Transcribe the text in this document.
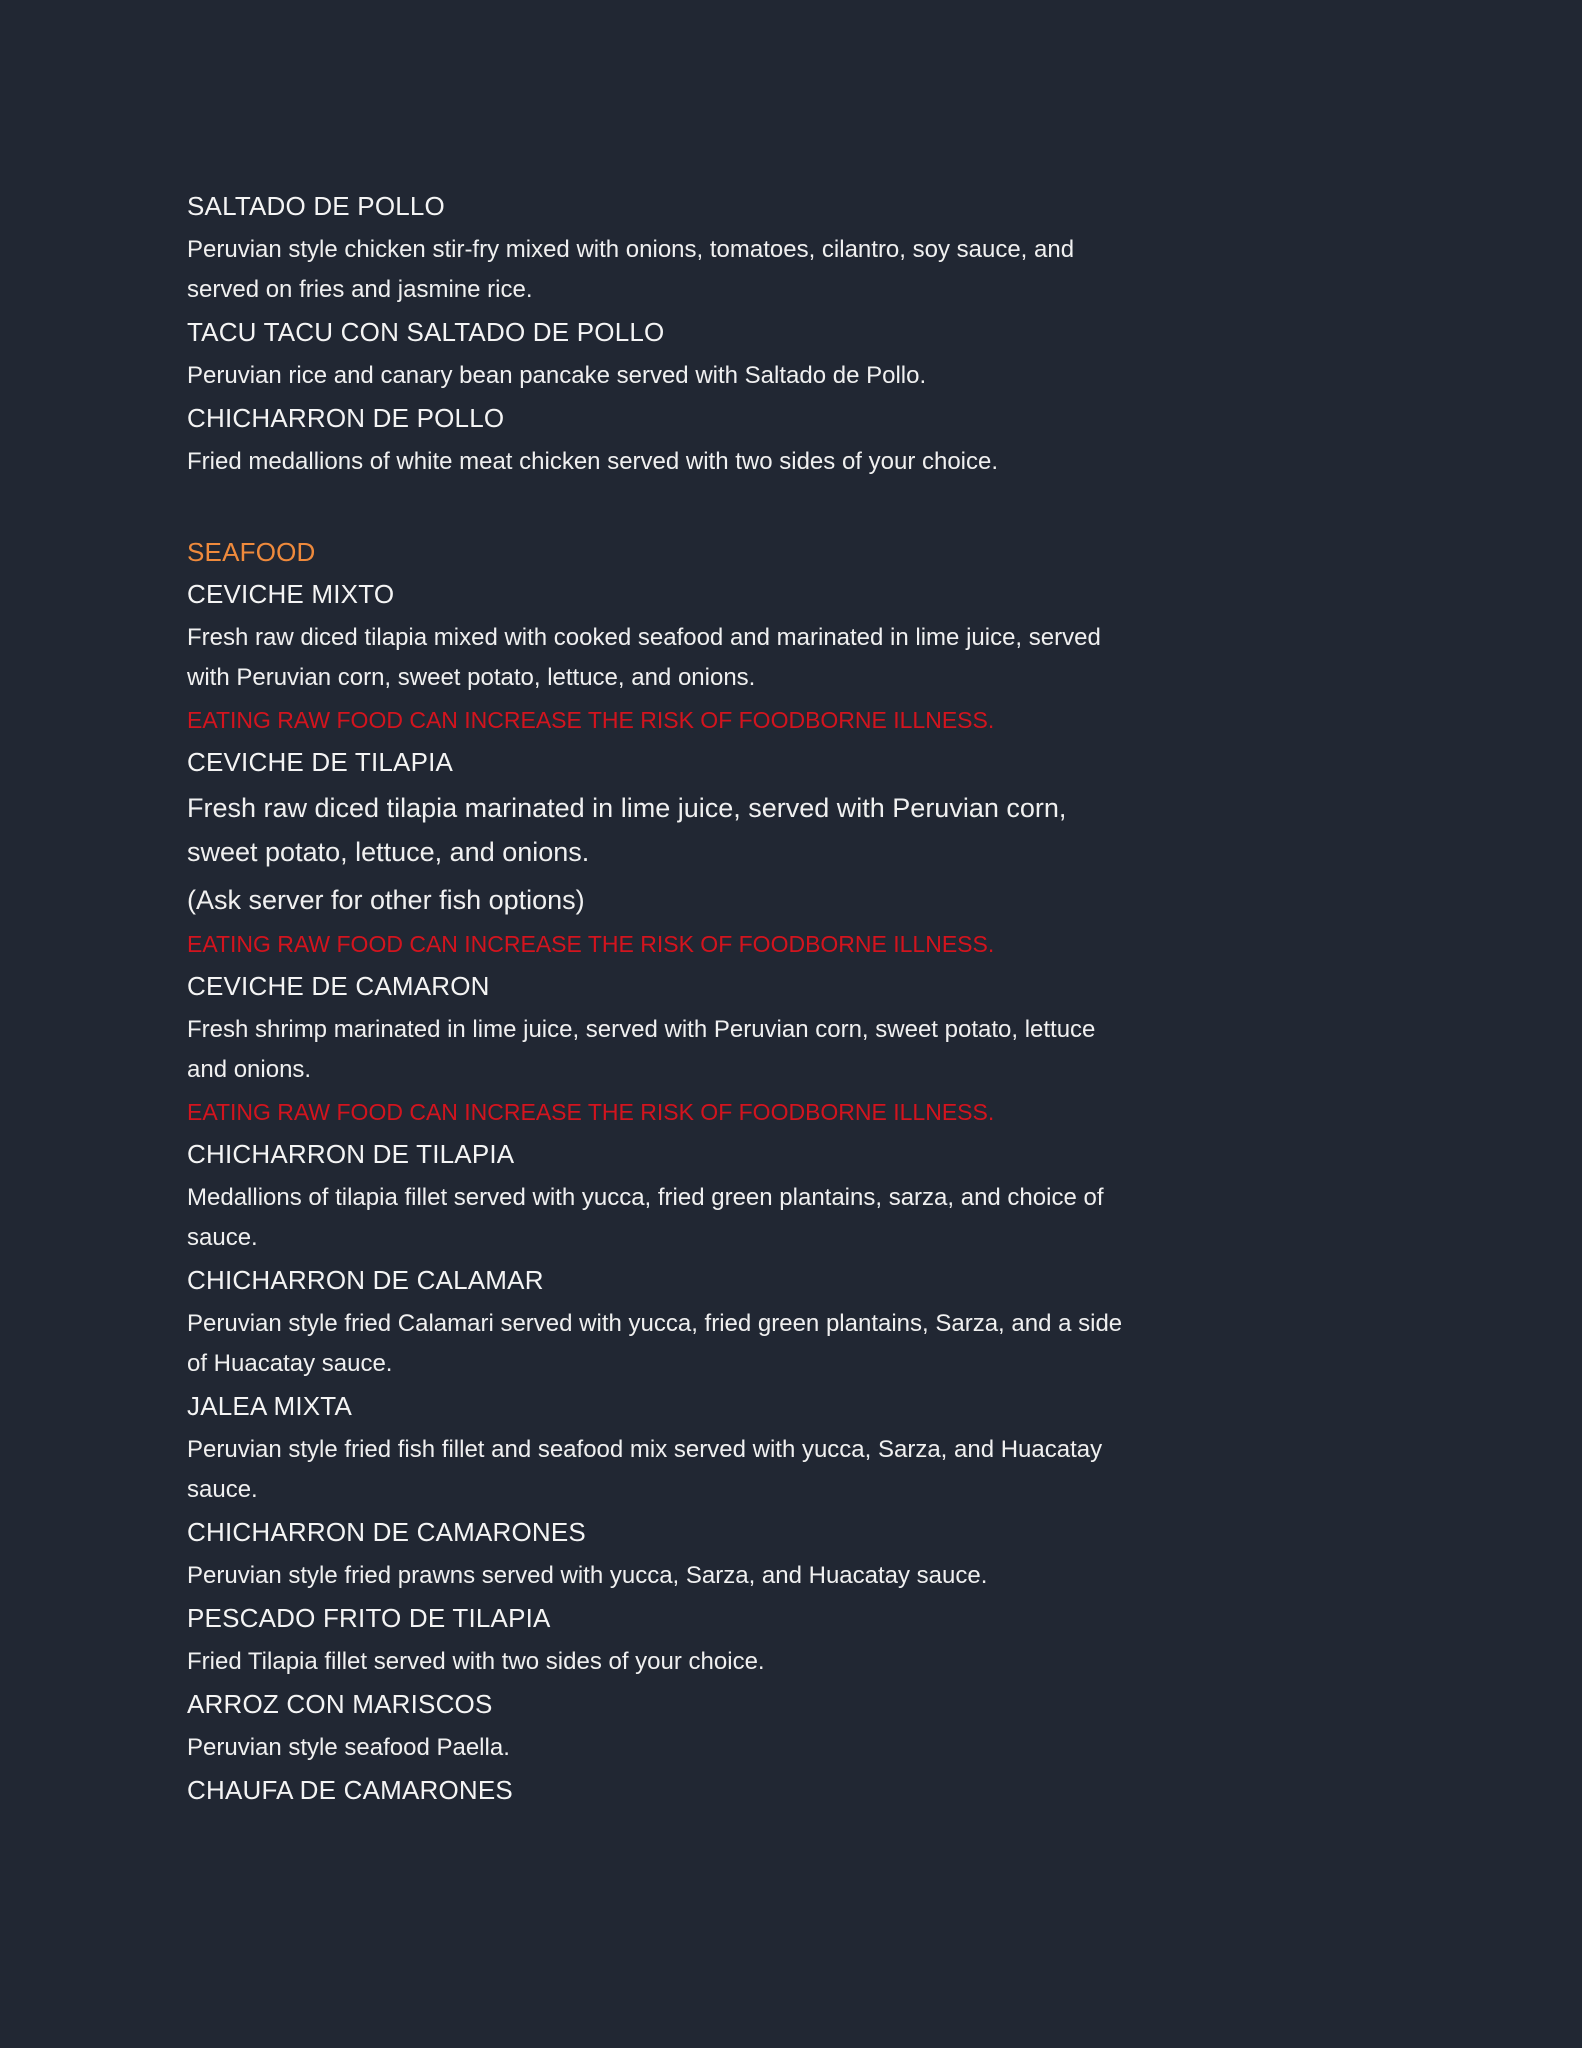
SALTADO DE POLLO
Peruvian style chicken stir-fry mixed with onions, tomatoes, cilantro, soy sauce, and served on fries and jasmine rice.
TACU TACU CON SALTADO DE POLLO
Peruvian rice and canary bean pancake served with Saltado de Pollo.
CHICHARRON DE POLLO
Fried medallions of white meat chicken served with two sides of your choice.
SEAFOOD
CEVICHE MIXTO
Fresh raw diced tilapia mixed with cooked seafood and marinated in lime juice, served with Peruvian corn, sweet potato, lettuce, and onions.
EATING RAW FOOD CAN INCREASE THE RISK OF FOODBORNE ILLNESS.
CEVICHE DE TILAPIA
Fresh raw diced tilapia marinated in lime juice, served with Peruvian corn, sweet potato, lettuce, and onions.
(Ask server for other fish options)
EATING RAW FOOD CAN INCREASE THE RISK OF FOODBORNE ILLNESS.
CEVICHE DE CAMARON
Fresh shrimp marinated in lime juice, served with Peruvian corn, sweet potato, lettuce and onions.
EATING RAW FOOD CAN INCREASE THE RISK OF FOODBORNE ILLNESS.
CHICHARRON DE TILAPIA
Medallions of tilapia fillet served with yucca, fried green plantains, sarza, and choice of sauce.
CHICHARRON DE CALAMAR
Peruvian style fried Calamari served with yucca, fried green plantains, Sarza, and a side of Huacatay sauce.
JALEA MIXTA
Peruvian style fried fish fillet and seafood mix served with yucca, Sarza, and Huacatay sauce.
CHICHARRON DE CAMARONES
Peruvian style fried prawns served with yucca, Sarza, and Huacatay sauce.
PESCADO FRITO DE TILAPIA
Fried Tilapia fillet served with two sides of your choice.
ARROZ CON MARISCOS
Peruvian style seafood Paella.
CHAUFA DE CAMARONES
